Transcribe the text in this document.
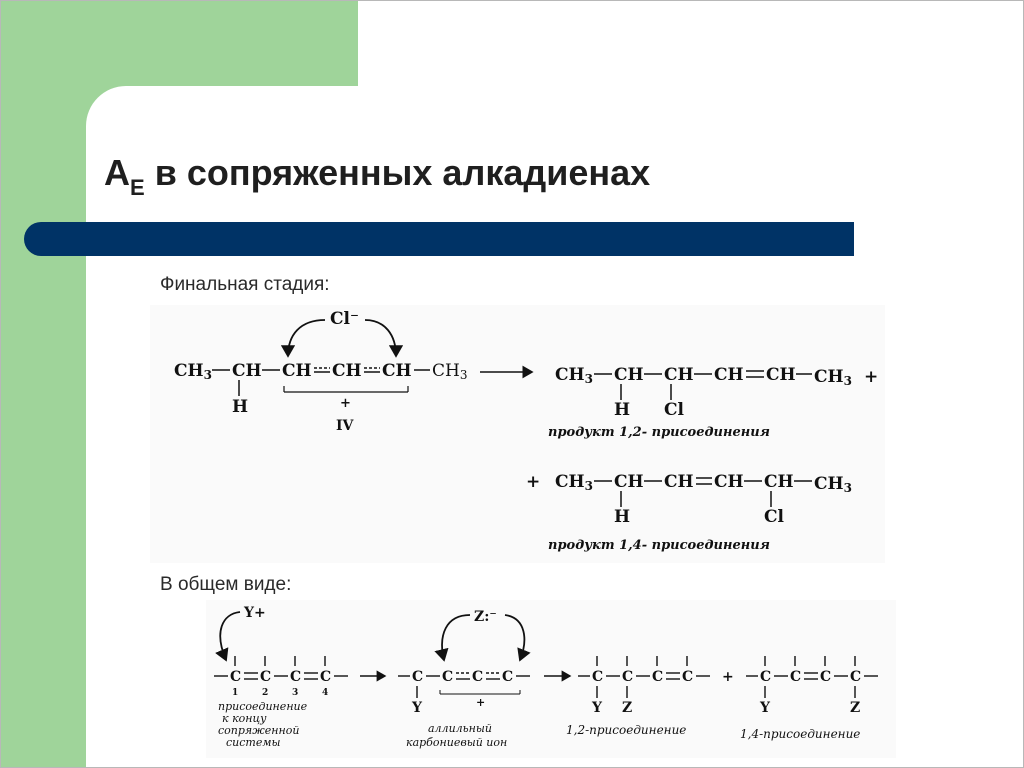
$A_E$ в сопряженных алкадиенах
Финальная стадия:
В общем виде:
Cl⁻
CH3 CH CH CH CH CH3
H	+
IV
CH3 CH CH CH CH CH3 +
H Cl
продукт 1,2- присоединения
+ CH3 CH CH CH CH CH3
H	Cl
продукт 1,4- присоединения
Y+
C C C C
1	2	3	4
присоединение
к концу
сопряженной
системы
Z:⁻
C C C C
Y	+
аллильный
карбониевый ион
C C C C
Y Z
1,2-присоединение
+ C C C C
Y	Z
1,4-присоединение
